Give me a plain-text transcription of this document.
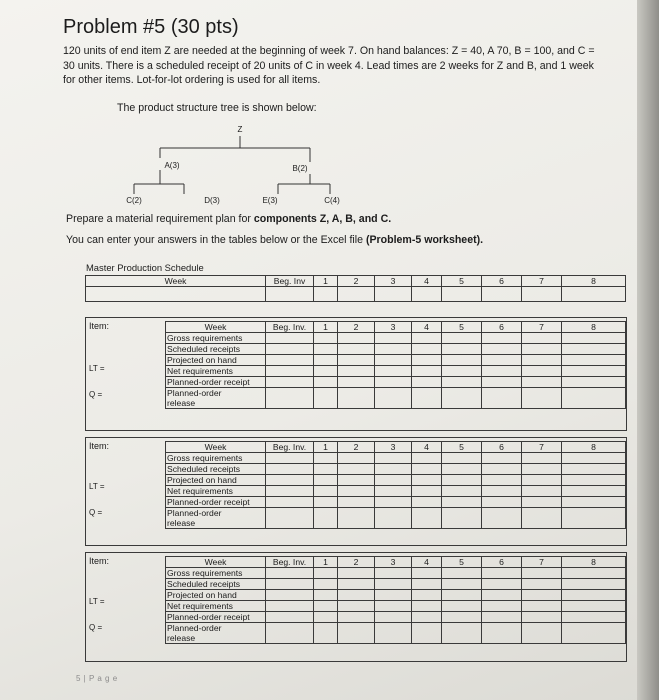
Problem #5 (30 pts)
120 units of end item Z are needed at the beginning of week 7. On hand balances: Z = 40, A 70, B = 100, and C = 30 units. There is a scheduled receipt of 20 units of C in week 4. Lead times are 2 weeks for Z and B, and 1 week for other items. Lot-for-lot ordering is used for all items.
The product structure tree is shown below:
Z
A(3)	B(2)
C(2)	D(3)	E(3)	C(4)
Prepare a material requirement plan for components Z, A, B, and C.
You can enter your answers in the tables below or the Excel file (Problem-5 worksheet).
Master Production Schedule
Week	Beg. Inv	1	2	3	4	5	6	7	8

Item:
LT =
Q =
Week	Beg. Inv.	1	2	3	4	5	6	7	8
Gross requirements									
Scheduled receipts									
Projected on hand									
Net requirements									
Planned-order receipt									
Planned-order
release									
Item:
LT =
Q =
Week	Beg. Inv.	1	2	3	4	5	6	7	8
Gross requirements									
Scheduled receipts									
Projected on hand									
Net requirements									
Planned-order receipt									
Planned-order
release									
Item:
LT =
Q =
Week	Beg. Inv.	1	2	3	4	5	6	7	8
Gross requirements									
Scheduled receipts									
Projected on hand									
Net requirements									
Planned-order receipt									
Planned-order
release									
5 | P a g e
